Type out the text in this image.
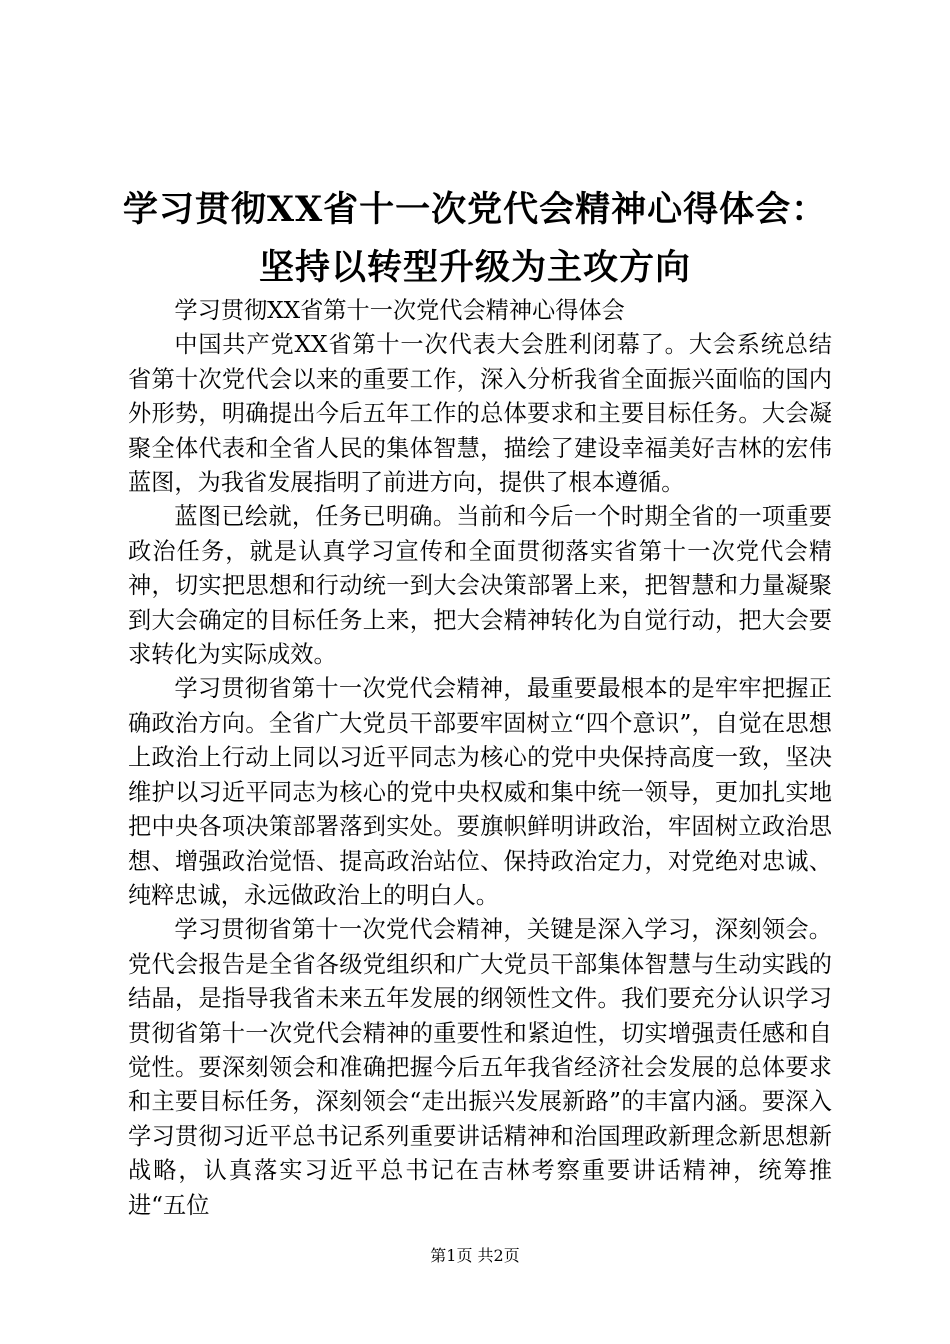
学习贯彻XX省十一次党代会精神心得体会：
坚持以转型升级为主攻方向

学习贯彻XX省第十一次党代会精神心得体会

中国共产党XX省第十一次代表大会胜利闭幕了。大会系统总结省第十次党代会以来的重要工作，深入分析我省全面振兴面临的国内外形势，明确提出今后五年工作的总体要求和主要目标任务。大会凝聚全体代表和全省人民的集体智慧，描绘了建设幸福美好吉林的宏伟蓝图，为我省发展指明了前进方向，提供了根本遵循。

蓝图已绘就，任务已明确。当前和今后一个时期全省的一项重要政治任务，就是认真学习宣传和全面贯彻落实省第十一次党代会精神，切实把思想和行动统一到大会决策部署上来，把智慧和力量凝聚到大会确定的目标任务上来，把大会精神转化为自觉行动，把大会要求转化为实际成效。

学习贯彻省第十一次党代会精神，最重要最根本的是牢牢把握正确政治方向。全省广大党员干部要牢固树立“四个意识”，自觉在思想上政治上行动上同以习近平同志为核心的党中央保持高度一致，坚决维护以习近平同志为核心的党中央权威和集中统一领导，更加扎实地把中央各项决策部署落到实处。要旗帜鲜明讲政治，牢固树立政治思想、增强政治觉悟、提高政治站位、保持政治定力，对党绝对忠诚、纯粹忠诚，永远做政治上的明白人。

学习贯彻省第十一次党代会精神，关键是深入学习，深刻领会。党代会报告是全省各级党组织和广大党员干部集体智慧与生动实践的结晶，是指导我省未来五年发展的纲领性文件。我们要充分认识学习贯彻省第十一次党代会精神的重要性和紧迫性，切实增强责任感和自觉性。要深刻领会和准确把握今后五年我省经济社会发展的总体要求和主要目标任务，深刻领会“走出振兴发展新路”的丰富内涵。要深入学习贯彻习近平总书记系列重要讲话精神和治国理政新理念新思想新战略，认真落实习近平总书记在吉林考察重要讲话精神，统筹推进“五位

第1页 共2页
